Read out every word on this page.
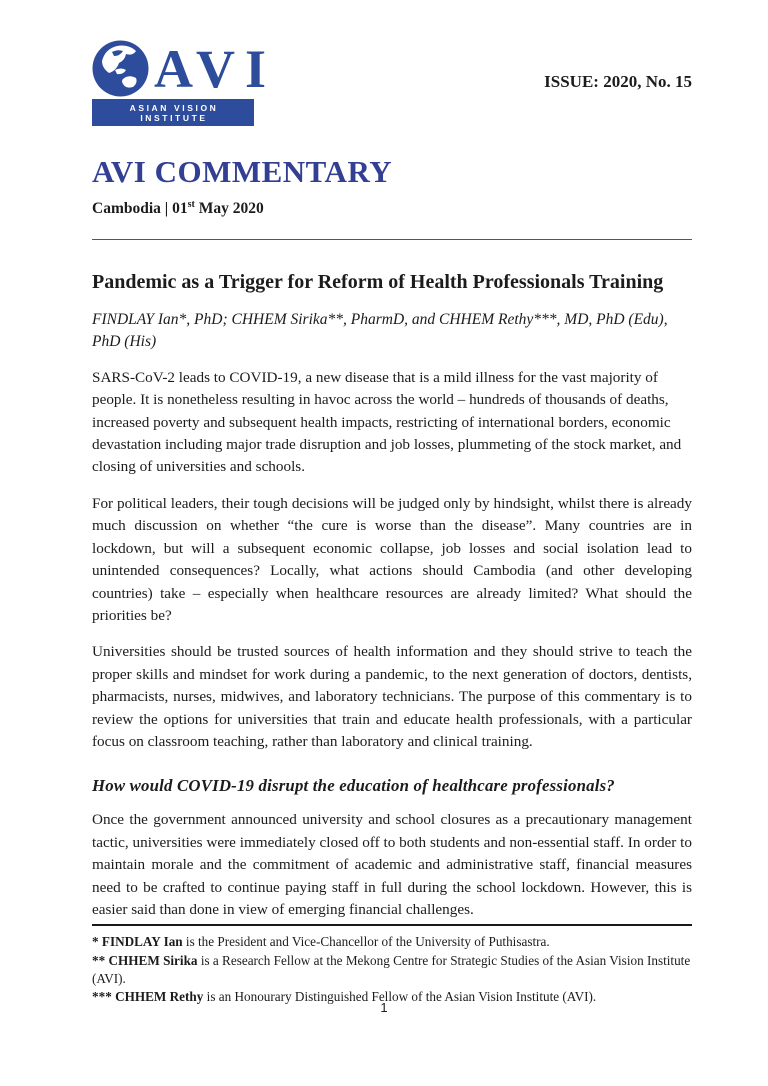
AVI
ASIAN VISION INSTITUTE
ISSUE: 2020, No. 15
AVI COMMENTARY
Cambodia | 01st May 2020
Pandemic as a Trigger for Reform of Health Professionals Training
FINDLAY Ian*, PhD; CHHEM Sirika**, PharmD, and CHHEM Rethy***, MD, PhD (Edu), PhD (His)

SARS-CoV-2 leads to COVID-19, a new disease that is a mild illness for the vast majority of people. It is nonetheless resulting in havoc across the world – hundreds of thousands of deaths, increased poverty and subsequent health impacts, restricting of international borders, economic devastation including major trade disruption and job losses, plummeting of the stock market, and closing of universities and schools.

For political leaders, their tough decisions will be judged only by hindsight, whilst there is already much discussion on whether “the cure is worse than the disease”. Many countries are in lockdown, but will a subsequent economic collapse, job losses and social isolation lead to unintended consequences? Locally, what actions should Cambodia (and other developing countries) take – especially when healthcare resources are already limited? What should the priorities be?

Universities should be trusted sources of health information and they should strive to teach the proper skills and mindset for work during a pandemic, to the next generation of doctors, dentists, pharmacists, nurses, midwives, and laboratory technicians. The purpose of this commentary is to review the options for universities that train and educate health professionals, with a particular focus on classroom teaching, rather than laboratory and clinical training.

How would COVID-19 disrupt the education of healthcare professionals?

Once the government announced university and school closures as a precautionary management tactic, universities were immediately closed off to both students and non-essential staff. In order to maintain morale and the commitment of academic and administrative staff, financial measures need to be crafted to continue paying staff in full during the school lockdown. However, this is easier said than done in view of emerging financial challenges.

* FINDLAY Ian is the President and Vice-Chancellor of the University of Puthisastra.
** CHHEM Sirika is a Research Fellow at the Mekong Centre for Strategic Studies of the Asian Vision Institute (AVI).
*** CHHEM Rethy is an Honourary Distinguished Fellow of the Asian Vision Institute (AVI).
1
